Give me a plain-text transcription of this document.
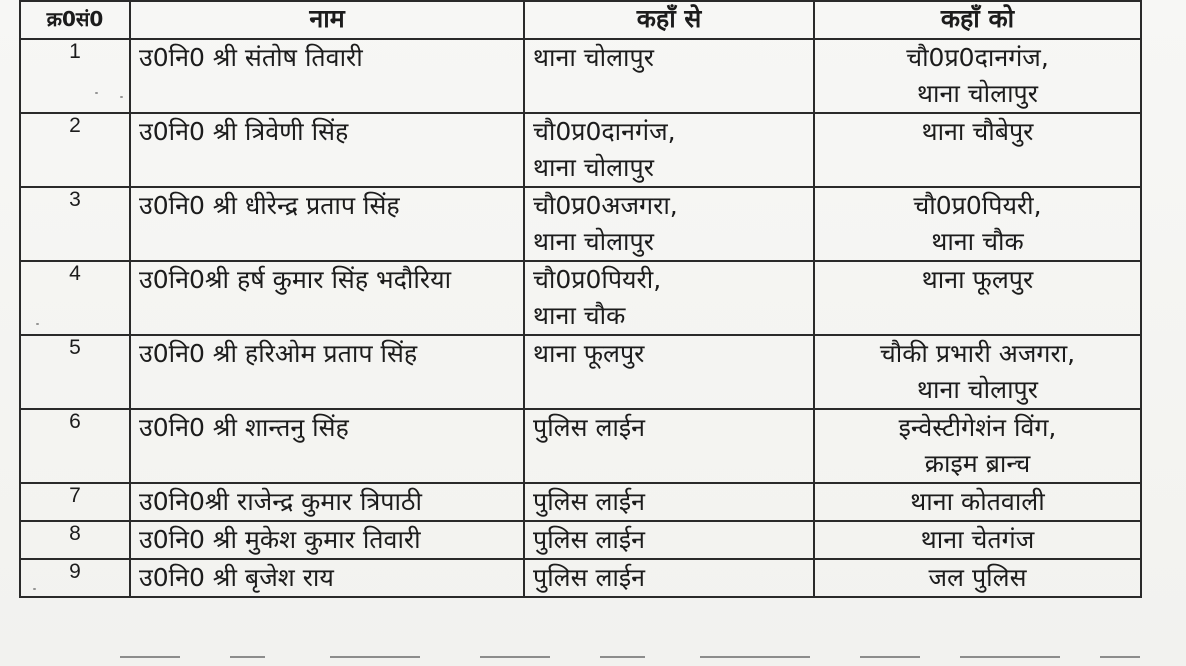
क्र0सं0	नाम	कहाँ से	कहाँ को
1	उ0नि0 श्री संतोष तिवारी	थाना चोलापुर	चौ0प्र0दानगंज,
थाना चोलापुर

2	उ0नि0 श्री त्रिवेणी सिंह	चौ0प्र0दानगंज,
थाना चोलापुर	थाना चौबेपुर

3	उ0नि0 श्री धीरेन्द्र प्रताप सिंह	चौ0प्र0अजगरा,
थाना चोलापुर	चौ0प्र0पियरी,
थाना चौक

4	उ0नि0श्री हर्ष कुमार सिंह भदौरिया	चौ0प्र0पियरी,
थाना चौक	थाना फूलपुर

5	उ0नि0 श्री हरिओम प्रताप सिंह	थाना फूलपुर	चौकी प्रभारी अजगरा,
थाना चोलापुर

6	उ0नि0 श्री शान्तनु सिंह	पुलिस लाईन	इन्वेस्टीगेशंन विंग,
क्राइम ब्रान्च

7	उ0नि0श्री राजेन्द्र कुमार त्रिपाठी	पुलिस लाईन	थाना कोतवाली

8	उ0नि0 श्री मुकेश कुमार तिवारी	पुलिस लाईन	थाना चेतगंज

9	उ0नि0 श्री बृजेश राय	पुलिस लाईन	जल पुलिस
